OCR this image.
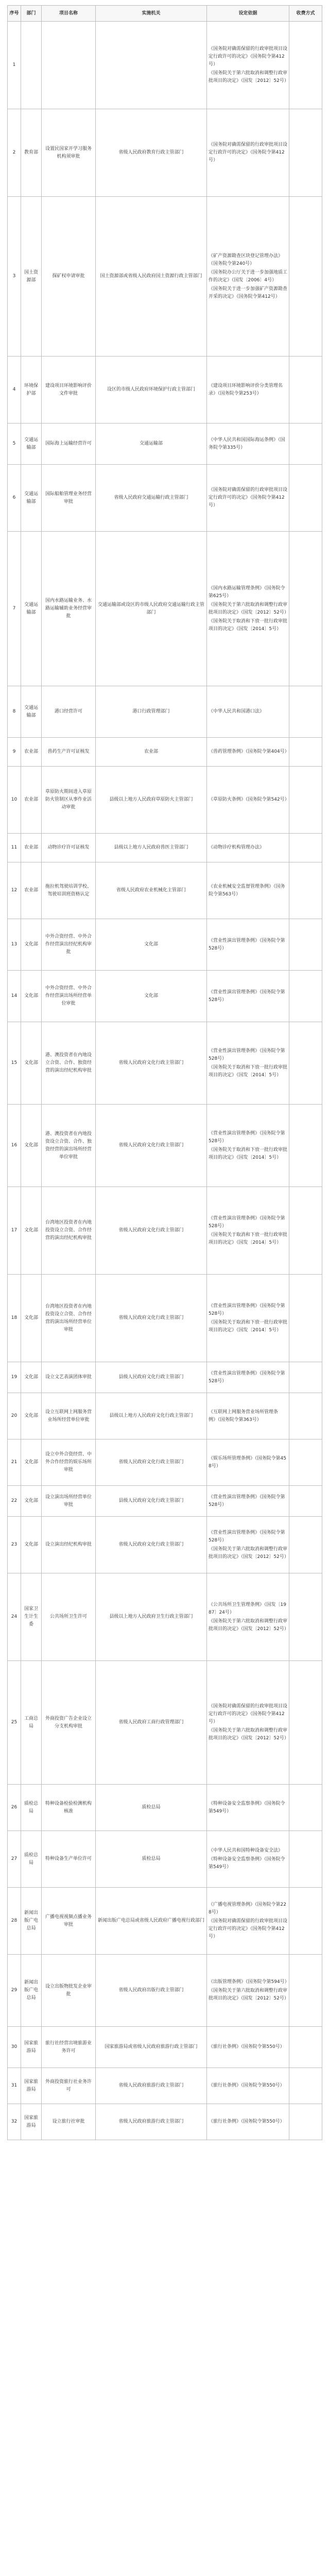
序号	部门	项目名称	实施机关	设定依据	收费方式
1				《国务院对确需保留的行政审批项目设定行政许可的决定》（国务院令第412号）
《国务院关于第六批取消和调整行政审批项目的决定》（国发〔2012〕52号）	

2	教育部	设置民国家开学习服务机构须审批	省级人民政府教育行政主管部门	《国务院对确需保留的行政审批项目设定行政许可的决定》（国务院令第412号）	

3	国土资源部	探矿权申请审批	国土资源部或省级人民政府国土资源行政主管部门	《矿产资源勘查区块登记管理办法》（国务院令第240号）
《国务院办公厅关于进一步加强地质工作的决定》（国发〔2006〕4号）
《国务院关于进一步加强矿产资源勘查开采的决定》（国务院令第412号）	

4	环境保护部	建设项目环境影响评价文件审批	设区的市级人民政府环境保护行政主管部门	《建设项目环境影响评价分类管理名录》（国务院令第253号）	

5	交通运输部	国际海上运输经营许可	交通运输部	《中华人民共和国国际海运条例》（国务院令第335号）	

6	交通运输部	国际船舶管理业务经营审批	省级人民政府交通运输行政主管部门	《国务院对确需保留的行政审批项目设定行政许可的决定》（国务院令第412号）	

7	交通运输部	国内水路运输业务、水路运输辅助业务经营审批	交通运输部或设区的市级人民政府交通运输行政主管部门	《国内水路运输管理条例》（国务院令第625号）
《国务院关于第六批取消和调整行政审批项目的决定》（国发〔2012〕52号）
《国务院关于取消和下放一批行政审批项目的决定》（国发〔2014〕5号）	

8	交通运输部	港口经营许可	港口行政管理部门	《中华人民共和国港口法》	

9	农业部	兽药生产许可证核发	农业部	《兽药管理条例》（国务院令第404号）	

10	农业部	草原防火期间进入草原防火管制区从事作业活动审批	县级以上地方人民政府草原防火主管部门	《草原防火条例》（国务院令第542号）	

11	农业部	动物诊疗许可证核发	县级以上地方人民政府兽医主管部门	《动物诊疗机构管理办法》	

12	农业部	拖拉机驾驶培训学校、驾驶培训班资格认定	省级人民政府农业机械化主管部门	《农业机械安全监督管理条例》（国务院令第563号）	

13	文化部	中外合资经营、中外合作经营演出经纪机构审批	文化部	《营业性演出管理条例》（国务院令第528号）	

14	文化部	中外合资经营、中外合作经营演出场所经营单位审批	文化部	《营业性演出管理条例》（国务院令第528号）	

15	文化部	港、澳投资者在内地设立合资、合作、独资经营的演出经纪机构审批	省级人民政府文化行政主管部门	《营业性演出管理条例》（国务院令第528号）
《国务院关于取消和下放一批行政审批项目的决定》（国发〔2014〕5号）	

16	文化部	港、澳投资者在内地投资设立合资、合作、独资经营的演出场所经营单位审批	省级人民政府文化行政主管部门	《营业性演出管理条例》（国务院令第528号）
《国务院关于取消和下放一批行政审批项目的决定》（国发〔2014〕5号）	

17	文化部	台湾地区投资者在内地投资设立合资、合作经营的演出经纪机构审批	省级人民政府文化行政主管部门	《营业性演出管理条例》（国务院令第528号）
《国务院关于取消和下放一批行政审批项目的决定》（国发〔2014〕5号）	

18	文化部	台湾地区投资者在内地投资设立合资、合作经营的演出场所经营单位审批	省级人民政府文化行政主管部门	《营业性演出管理条例》（国务院令第528号）
《国务院关于取消和下放一批行政审批项目的决定》（国发〔2014〕5号）	

19	文化部	设立文艺表演团体审批	县级人民政府文化行政主管部门	《营业性演出管理条例》（国务院令第528号）	

20	文化部	设立互联网上网服务营业场所经营单位审批	县级以上地方人民政府文化行政主管部门	《互联网上网服务营业场所管理条例》（国务院令第363号）	

21	文化部	设立中外合资经营、中外合作经营的娱乐场所审批	省级人民政府文化行政主管部门	《娱乐场所管理条例》（国务院令第458号）	

22	文化部	设立演出场所经营单位审批	县级人民政府文化行政主管部门	《营业性演出管理条例》（国务院令第528号）	

23	文化部	设立演出经纪机构审批	省级人民政府文化行政主管部门	《营业性演出管理条例》（国务院令第528号）
《国务院关于第六批取消和调整行政审批项目的决定》（国发〔2012〕52号）	

24	国家卫生计生委	公共场所卫生许可	县级以上地方人民政府卫生行政主管部门	《公共场所卫生管理条例》（国发〔1987〕24号）
《国务院关于第六批取消和调整行政审批项目的决定》（国发〔2012〕52号）	

25	工商总局	外商投资广告企业设立分支机构审批	省级人民政府工商行政管理部门	《国务院对确需保留的行政审批项目设定行政许可的决定》（国务院令第412号）
《国务院关于第六批取消和调整行政审批项目的决定》（国发〔2012〕52号）	

26	质检总局	特种设备检验检测机构核准	质检总局	《特种设备安全监察条例》（国务院令第549号）	

27	质检总局	特种设备生产单位许可	质检总局	《中华人民共和国特种设备安全法》
《特种设备安全监察条例》（国务院令第549号）	

28	新闻出版广电总局	广播电视视频点播业务审批	新闻出版广电总局或省级人民政府广播电视行政部门	《广播电视管理条例》（国务院令第228号）
《国务院对确需保留的行政审批项目设定行政许可的决定》（国务院令第412号）	

29	新闻出版广电总局	设立出版物批发企业审批	省级人民政府出版行政主管部门	《出版管理条例》（国务院令第594号）
《国务院关于第六批取消和调整行政审批项目的决定》（国发〔2012〕52号）	

30	国家旅游局	旅行社经营出境旅游业务许可	国家旅游局或省级人民政府旅游行政主管部门	《旅行社条例》（国务院令第550号）	

31	国家旅游局	外商投资旅行社业务许可	省级人民政府旅游行政主管部门	《旅行社条例》（国务院令第550号）	

32	国家旅游局	设立旅行社审批	省级人民政府旅游行政主管部门	《旅行社条例》（国务院令第550号）	
